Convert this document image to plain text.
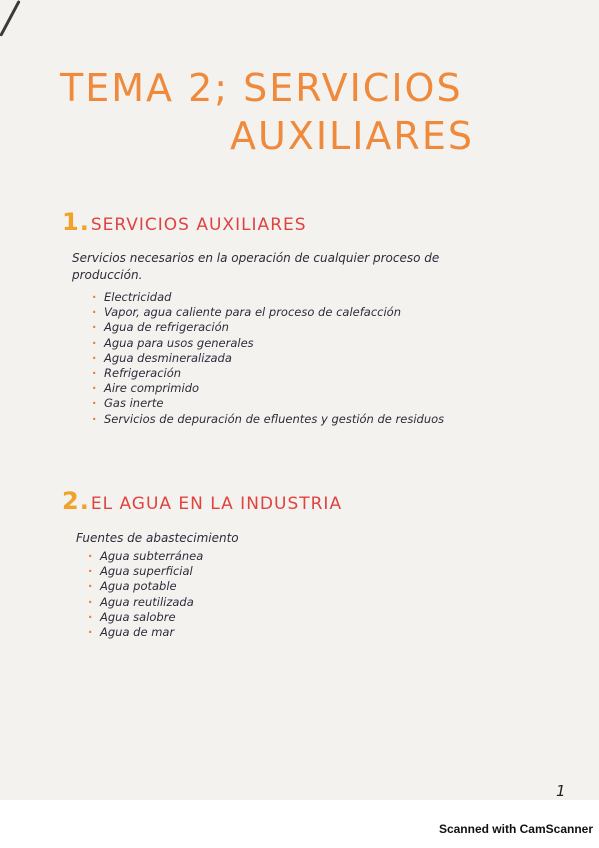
TEMA 2; SERVICIOS
AUXILIARES
1.SERVICIOS AUXILIARES

Servicios necesarios en la operación de cualquier proceso de

producción.

· Electricidad
· Vapor, agua caliente para el proceso de calefacción
· Agua de refrigeración
· Agua para usos generales
· Agua desmineralizada
· Refrigeración
· Aire comprimido
· Gas inerte
· Servicios de depuración de efluentes y gestión de residuos
2.EL AGUA EN LA INDUSTRIA

Fuentes de abastecimiento

· Agua subterránea
· Agua superficial
· Agua potable
· Agua reutilizada
· Agua salobre
· Agua de mar
1

Scanned with CamScanner
